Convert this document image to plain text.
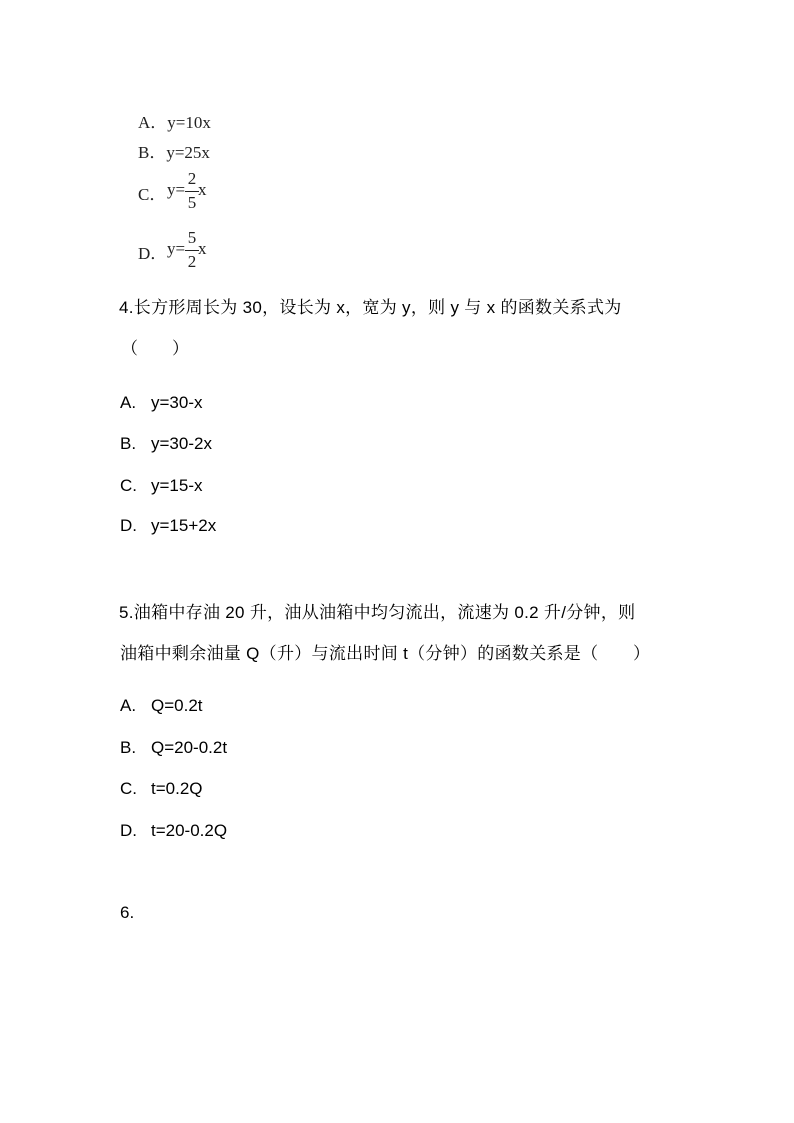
A．y=10x
B．y=25x
C． y=
2
5
x
D． y=
5
2
x
4.长方形周长为 30，设长为 x，宽为 y，则 y 与 x 的函数关系式为
（　　）
A. y=30-x
B. y=30-2x
C. y=15-x
D. y=15+2x
5.油箱中存油 20 升，油从油箱中均匀流出，流速为 0.2 升/分钟，则
油箱中剩余油量 Q（升）与流出时间 t（分钟）的函数关系是（　　）
A. Q=0.2t
B. Q=20-0.2t
C. t=0.2Q
D. t=20-0.2Q
6.
